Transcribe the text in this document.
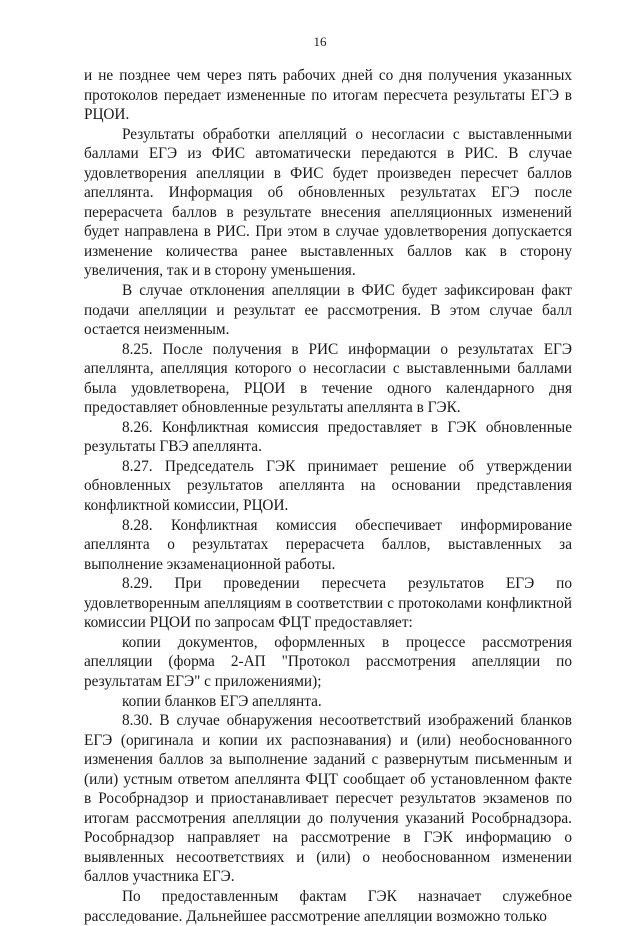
16

и не позднее чем через пять рабочих дней со дня получения указанных протоколов передает измененные по итогам пересчета результаты ЕГЭ в РЦОИ.

Результаты обработки апелляций о несогласии с выставленными баллами ЕГЭ из ФИС автоматически передаются в РИС. В случае удовлетворения апелляции в ФИС будет произведен пересчет баллов апеллянта. Информация об обновленных результатах ЕГЭ после перерасчета баллов в результате внесения апелляционных изменений будет направлена в РИС. При этом в случае удовлетворения допускается изменение количества ранее выставленных баллов как в сторону увеличения, так и в сторону уменьшения.

В случае отклонения апелляции в ФИС будет зафиксирован факт подачи апелляции и результат ее рассмотрения. В этом случае балл остается неизменным.

8.25. После получения в РИС информации о результатах ЕГЭ апеллянта, апелляция которого о несогласии с выставленными баллами была удовлетворена, РЦОИ в течение одного календарного дня предоставляет обновленные результаты апеллянта в ГЭК.

8.26. Конфликтная комиссия предоставляет в ГЭК обновленные результаты ГВЭ апеллянта.

8.27. Председатель ГЭК принимает решение об утверждении обновленных результатов апеллянта на основании представления конфликтной комиссии, РЦОИ.

8.28. Конфликтная комиссия обеспечивает информирование апеллянта о результатах перерасчета баллов, выставленных за выполнение экзаменационной работы.

8.29. При проведении пересчета результатов ЕГЭ по удовлетворенным апелляциям в соответствии с протоколами конфликтной комиссии РЦОИ по запросам ФЦТ предоставляет:

копии документов, оформленных в процессе рассмотрения апелляции (форма 2-АП "Протокол рассмотрения апелляции по результатам ЕГЭ" с приложениями);

копии бланков ЕГЭ апеллянта.

8.30. В случае обнаружения несоответствий изображений бланков ЕГЭ (оригинала и копии их распознавания) и (или) необоснованного изменения баллов за выполнение заданий с развернутым письменным и (или) устным ответом апеллянта ФЦТ сообщает об установленном факте в Рособрнадзор и приостанавливает пересчет результатов экзаменов по итогам рассмотрения апелляции до получения указаний Рособрнадзора. Рособрнадзор направляет на рассмотрение в ГЭК информацию о выявленных несоответствиях и (или) о необоснованном изменении баллов участника ЕГЭ.

По предоставленным фактам ГЭК назначает служебное расследование. Дальнейшее рассмотрение апелляции возможно только
